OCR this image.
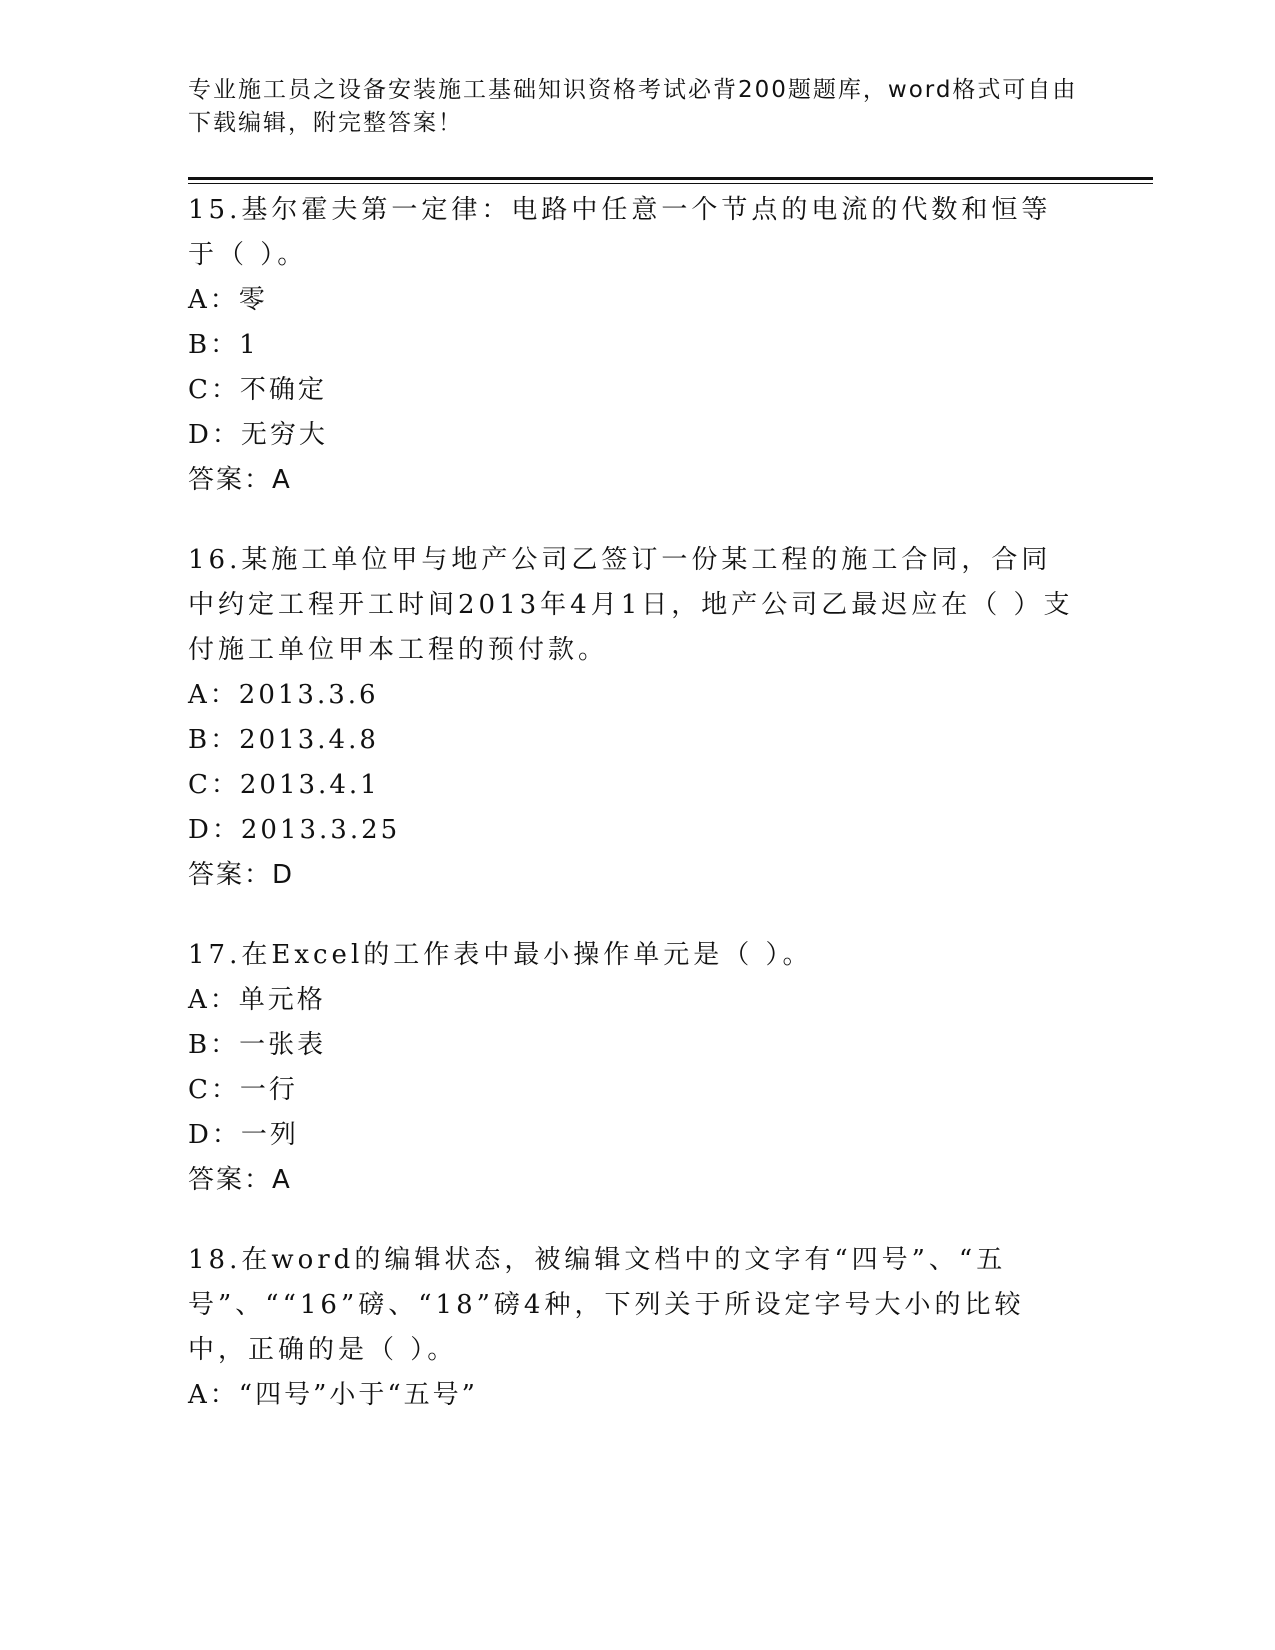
专业施工员之设备安装施工基础知识资格考试必背200题题库，word格式可自由下载编辑，附完整答案！

15.基尔霍夫第一定律：电路中任意一个节点的电流的代数和恒等于（ ）。

A：零

B：1

C：不确定

D：无穷大

答案：A

16.某施工单位甲与地产公司乙签订一份某工程的施工合同，合同中约定工程开工时间2013年4月1日，地产公司乙最迟应在（ ）支付施工单位甲本工程的预付款。

A：2013.3.6

B：2013.4.8

C：2013.4.1

D：2013.3.25

答案：D

17.在Excel的工作表中最小操作单元是（ ）。

A：单元格

B：一张表

C：一行

D：一列

答案：A

18.在word的编辑状态，被编辑文档中的文字有“四号”、“五号”、““16”磅、“18”磅4种，下列关于所设定字号大小的比较中，正确的是（ ）。

A：“四号”小于“五号”
